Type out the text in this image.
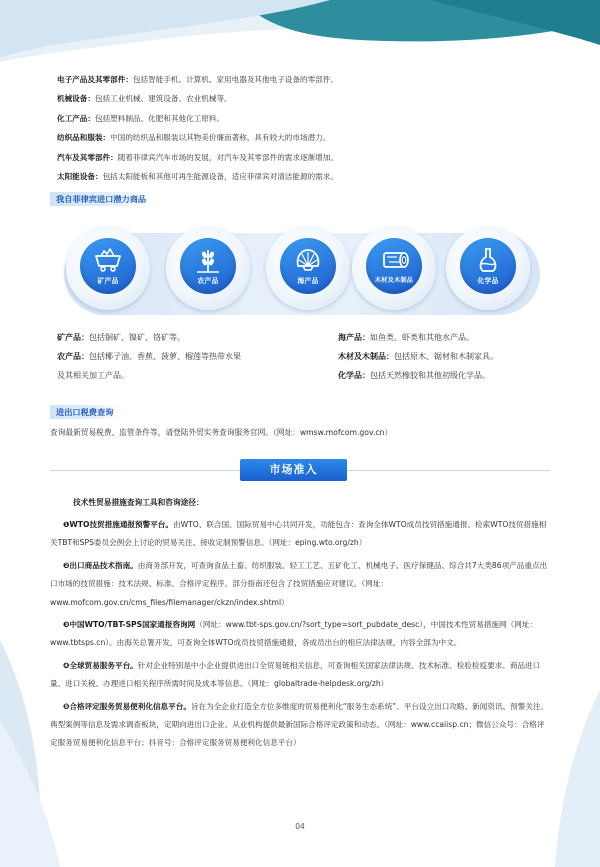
电子产品及其零部件：包括智能手机、计算机、家用电器及其他电子设备的零部件。
机械设备：包括工业机械、建筑设备、农业机械等。
化工产品：包括塑料制品、化肥和其他化工原料。
纺织品和服装：中国的纺织品和服装以其物美价廉而著称，具有较大的市场潜力。
汽车及其零部件：随着菲律宾汽车市场的发展，对汽车及其零部件的需求逐渐增加。
太阳能设备：包括太阳能板和其他可再生能源设备，适应菲律宾对清洁能源的需求。
我自菲律宾进口潜力商品
矿产品	农产品	海产品	木材及木制品	化学品
矿产品：包括铜矿、镍矿、铬矿等。
农产品：包括椰子油、香蕉、菠萝、榴莲等热带水果
及其相关加工产品。
海产品：如鱼类、虾类和其他水产品。
木材及木制品：包括原木、锯材和木制家具。
化学品：包括天然橡胶和其他初级化学品。
进出口税费查询
查询最新贸易税费、监管条件等，请登陆外贸实务查询服务官网。（网址：wmsw.mofcom.gov.cn）
市场准入
技术性贸易措施查询工具和咨询途径：
❶WTO技贸措施通报预警平台。由WTO、联合国、国际贸易中心共同开发，功能包含：查询全体WTO成员技贸措施通报、检索WTO技贸措施相关TBT和SPS委员会例会上讨论的贸易关注、接收定制预警信息。（网址：eping.wto.org/zh）
❷出口商品技术指南。由商务部开发，可查询食品土畜、纺织服装、轻工工艺、五矿化工、机械电子、医疗保健品、综合共7大类86项产品重点出口市场的技贸措施：技术法规、标准、合格评定程序。部分指南还包含了技贸措施应对建议。（网址：www.mofcom.gov.cn/cms_files/filemanager/ckzn/index.shtml）
❸中国WTO/TBT-SPS国家通报咨询网（网址：www.tbt-sps.gov.cn/?sort_type=sort_pubdate_desc），中国技术性贸易措施网（网址：www.tbtsps.cn）。由海关总署开发，可查询全体WTO成员技贸措施通报，各成员出台的相应法律法规，内容全部为中文。
❹全球贸易服务平台。针对企业特别是中小企业提供进出口全贸易链相关信息，可查询相关国家法律法规、技术标准、检验检疫要求、商品进口量、进口关税、办理进口相关程序所需时间及成本等信息。（网址：globaltrade-helpdesk.org/zh）
❺合格评定服务贸易便利化信息平台。旨在为全企业打造全方位多维度的贸易便利化“服务生态系统”。平台设立出口攻略、新闻资讯、预警关注、典型案例等信息及需求调查板块，定期向进出口企业、从业机构提供最新国际合格评定政策和动态。（网址：www.ccaiisp.cn；微信公众号：合格评定服务贸易便利化信息平台；抖音号：合格评定服务贸易便利化信息平台）
04
